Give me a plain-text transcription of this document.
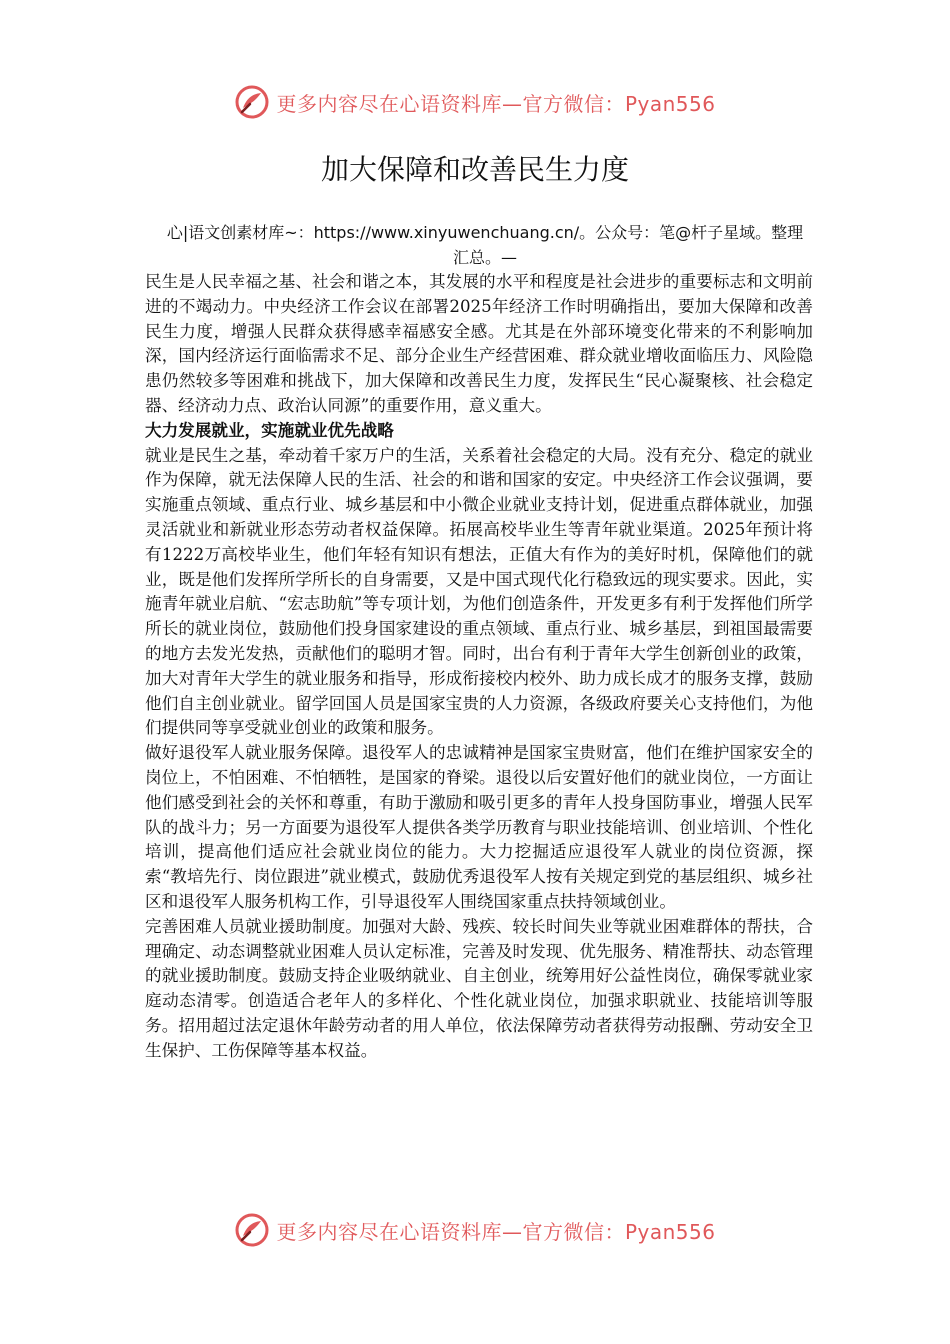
更多内容尽在心语资料库—官方微信：Pyan556
加大保障和改善民生力度
心|语文创素材库~：https://www.xinyuwenchuang.cn/。公众号：笔@杆子星域。整理汇总。—

民生是人民幸福之基、社会和谐之本，其发展的水平和程度是社会进步的重要标志和文明前进的不竭动力。中央经济工作会议在部署2025年经济工作时明确指出，要加大保障和改善民生力度，增强人民群众获得感幸福感安全感。尤其是在外部环境变化带来的不利影响加深，国内经济运行面临需求不足、部分企业生产经营困难、群众就业增收面临压力、风险隐患仍然较多等困难和挑战下，加大保障和改善民生力度，发挥民生“民心凝聚核、社会稳定器、经济动力点、政治认同源”的重要作用，意义重大。

大力发展就业，实施就业优先战略

就业是民生之基，牵动着千家万户的生活，关系着社会稳定的大局。没有充分、稳定的就业作为保障，就无法保障人民的生活、社会的和谐和国家的安定。中央经济工作会议强调，要实施重点领域、重点行业、城乡基层和中小微企业就业支持计划，促进重点群体就业，加强灵活就业和新就业形态劳动者权益保障。拓展高校毕业生等青年就业渠道。2025年预计将有1222万高校毕业生，他们年轻有知识有想法，正值大有作为的美好时机，保障他们的就业，既是他们发挥所学所长的自身需要，又是中国式现代化行稳致远的现实要求。因此，实施青年就业启航、“宏志助航”等专项计划，为他们创造条件，开发更多有利于发挥他们所学所长的就业岗位，鼓励他们投身国家建设的重点领域、重点行业、城乡基层，到祖国最需要的地方去发光发热，贡献他们的聪明才智。同时，出台有利于青年大学生创新创业的政策，加大对青年大学生的就业服务和指导，形成衔接校内校外、助力成长成才的服务支撑，鼓励他们自主创业就业。留学回国人员是国家宝贵的人力资源，各级政府要关心支持他们，为他们提供同等享受就业创业的政策和服务。

做好退役军人就业服务保障。退役军人的忠诚精神是国家宝贵财富，他们在维护国家安全的岗位上，不怕困难、不怕牺牲，是国家的脊梁。退役以后安置好他们的就业岗位，一方面让他们感受到社会的关怀和尊重，有助于激励和吸引更多的青年人投身国防事业，增强人民军队的战斗力；另一方面要为退役军人提供各类学历教育与职业技能培训、创业培训、个性化培训，提高他们适应社会就业岗位的能力。大力挖掘适应退役军人就业的岗位资源，探索“教培先行、岗位跟进”就业模式，鼓励优秀退役军人按有关规定到党的基层组织、城乡社区和退役军人服务机构工作，引导退役军人围绕国家重点扶持领域创业。

完善困难人员就业援助制度。加强对大龄、残疾、较长时间失业等就业困难群体的帮扶，合理确定、动态调整就业困难人员认定标准，完善及时发现、优先服务、精准帮扶、动态管理的就业援助制度。鼓励支持企业吸纳就业、自主创业，统筹用好公益性岗位，确保零就业家庭动态清零。创造适合老年人的多样化、个性化就业岗位，加强求职就业、技能培训等服务。招用超过法定退休年龄劳动者的用人单位，依法保障劳动者获得劳动报酬、劳动安全卫生保护、工伤保障等基本权益。

更多内容尽在心语资料库—官方微信：Pyan556
